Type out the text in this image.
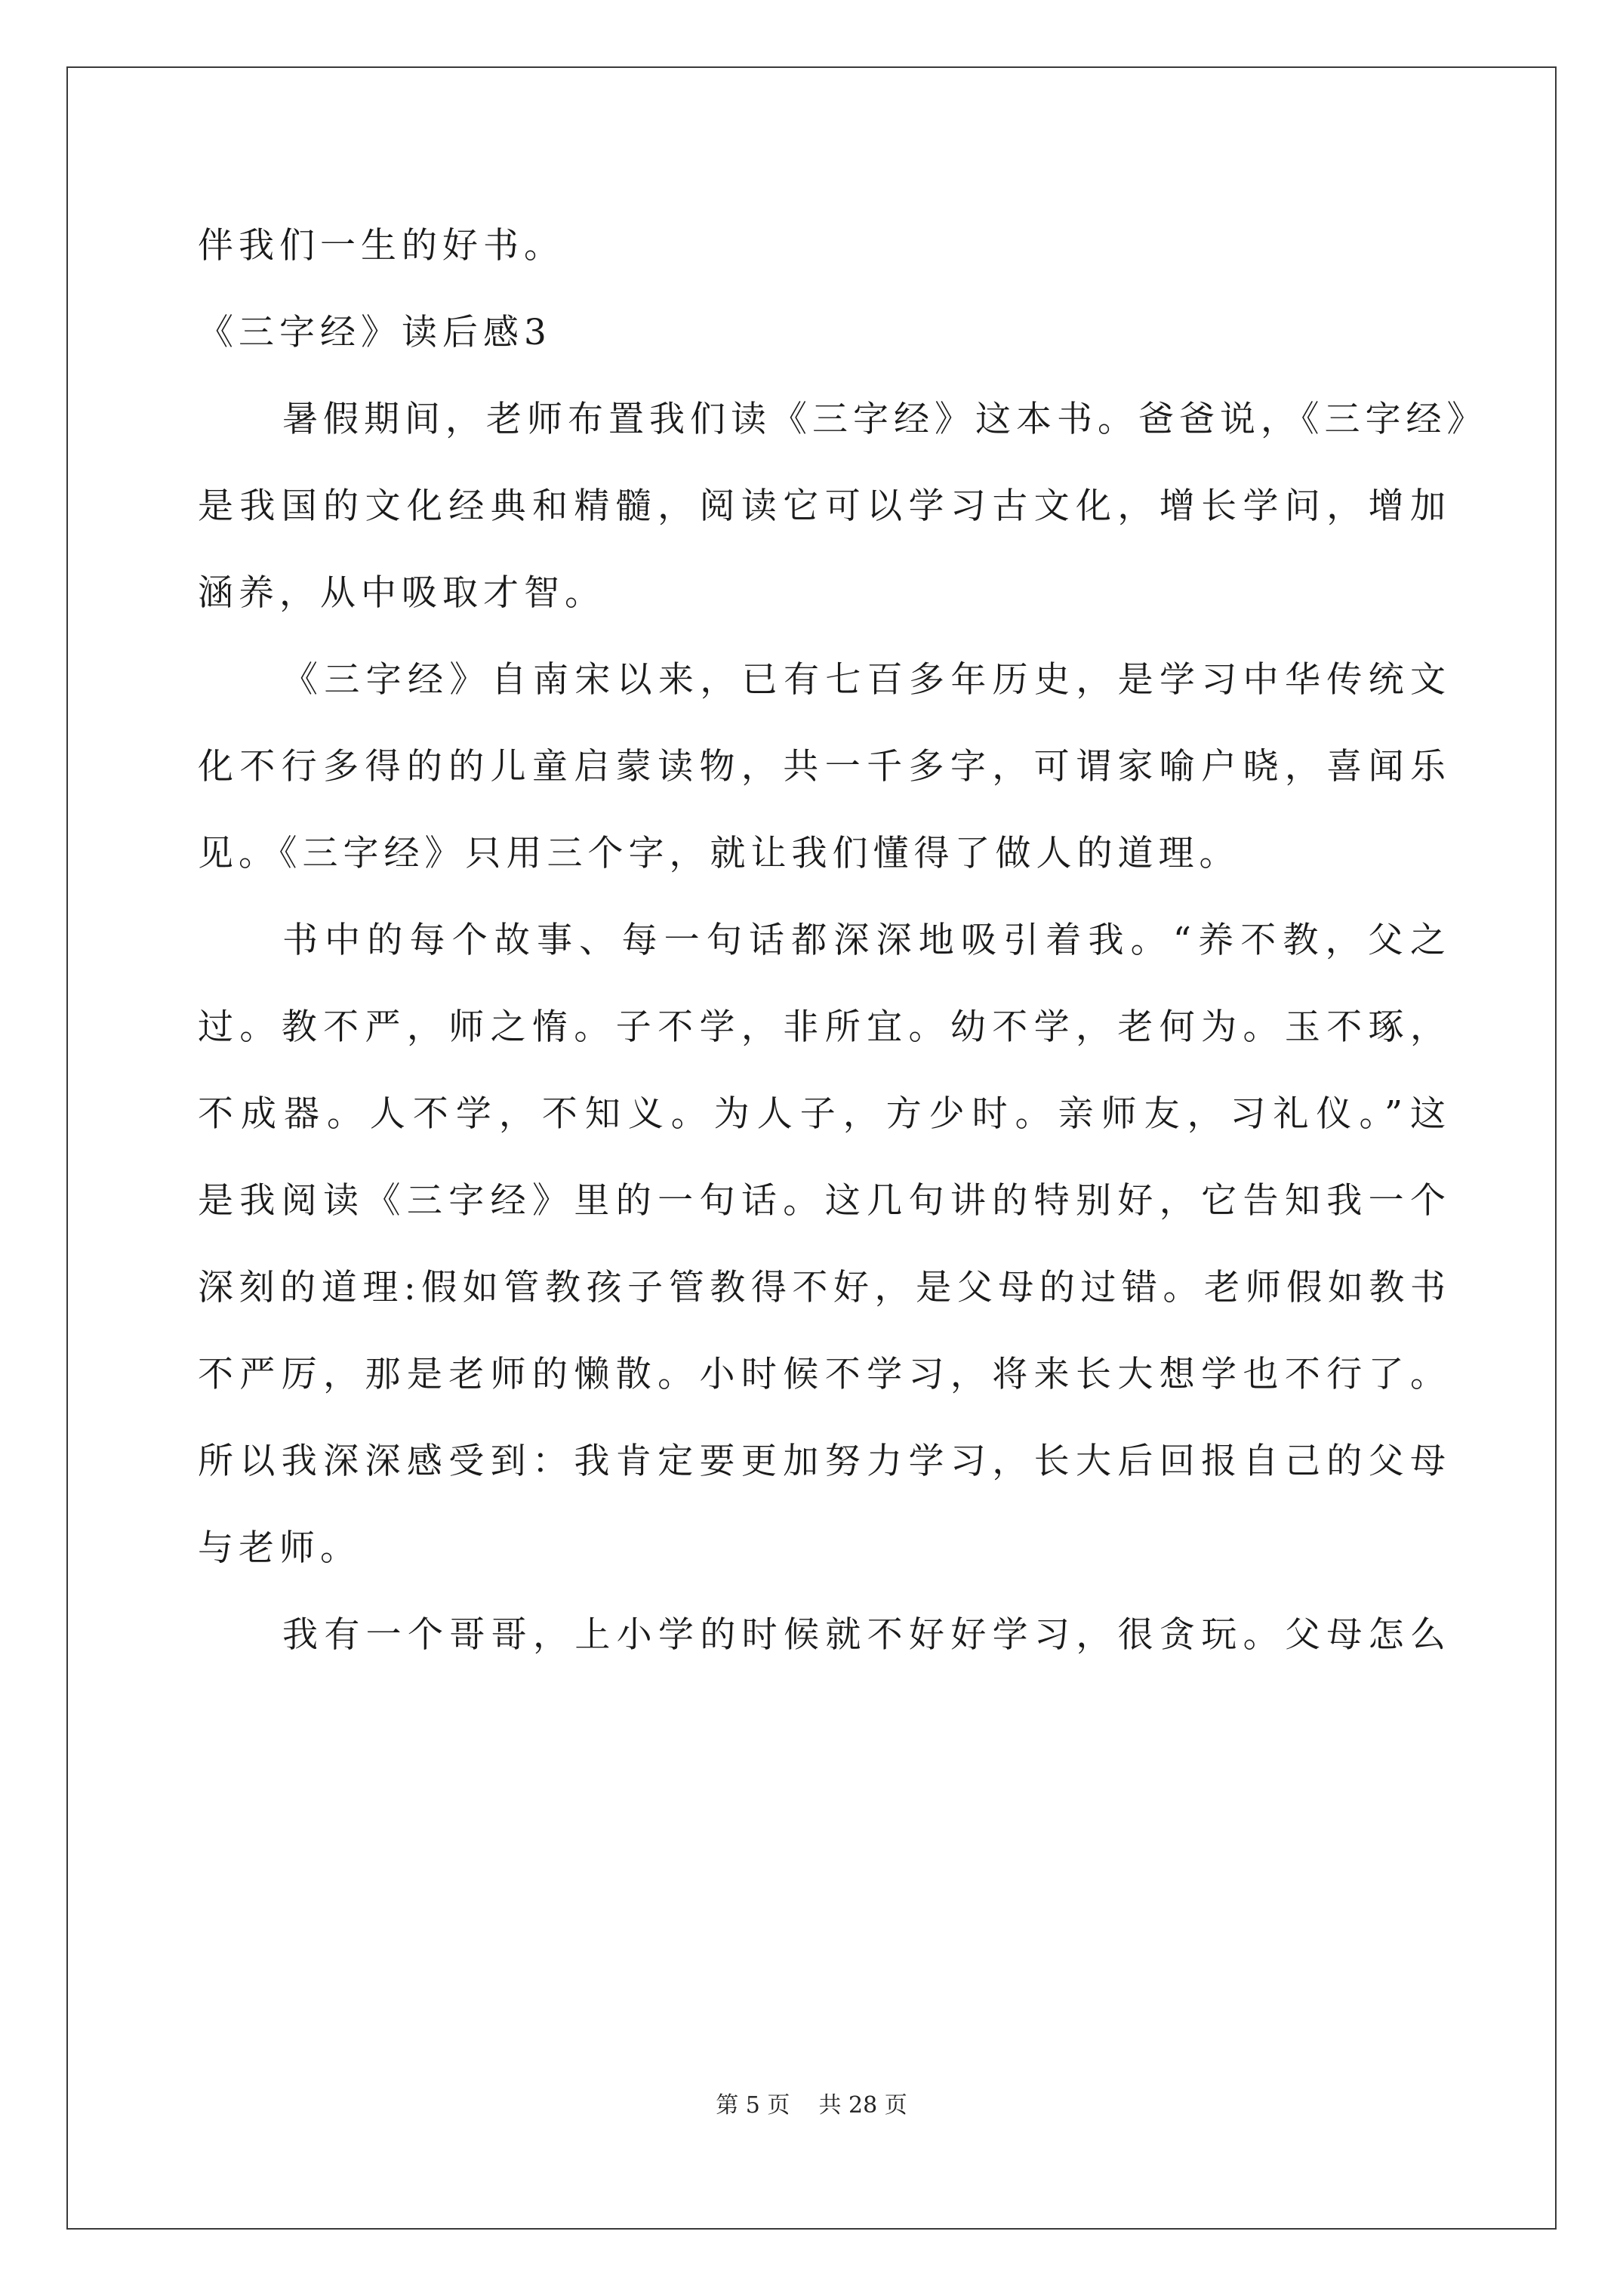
伴我们一生的好书。
《三字经》读后感3
暑假期间，老师布置我们读《三字经》这本书。爸爸说，《三字经》
是我国的文化经典和精髓，阅读它可以学习古文化，增长学问，增加
涵养，从中吸取才智。
《三字经》自南宋以来，已有七百多年历史，是学习中华传统文
化不行多得的的儿童启蒙读物，共一千多字，可谓家喻户晓，喜闻乐
见。《三字经》只用三个字，就让我们懂得了做人的道理。
书中的每个故事、每一句话都深深地吸引着我。“养不教，父之
过。教不严，师之惰。子不学，非所宜。幼不学，老何为。玉不琢，
不成器。人不学，不知义。为人子，方少时。亲师友，习礼仪。”这
是我阅读《三字经》里的一句话。这几句讲的特别好，它告知我一个
深刻的道理:假如管教孩子管教得不好，是父母的过错。老师假如教书
不严厉，那是老师的懒散。小时候不学习，将来长大想学也不行了。
所以我深深感受到：我肯定要更加努力学习，长大后回报自己的父母
与老师。
我有一个哥哥，上小学的时候就不好好学习，很贪玩。父母怎么
第 5 页    共 28 页
